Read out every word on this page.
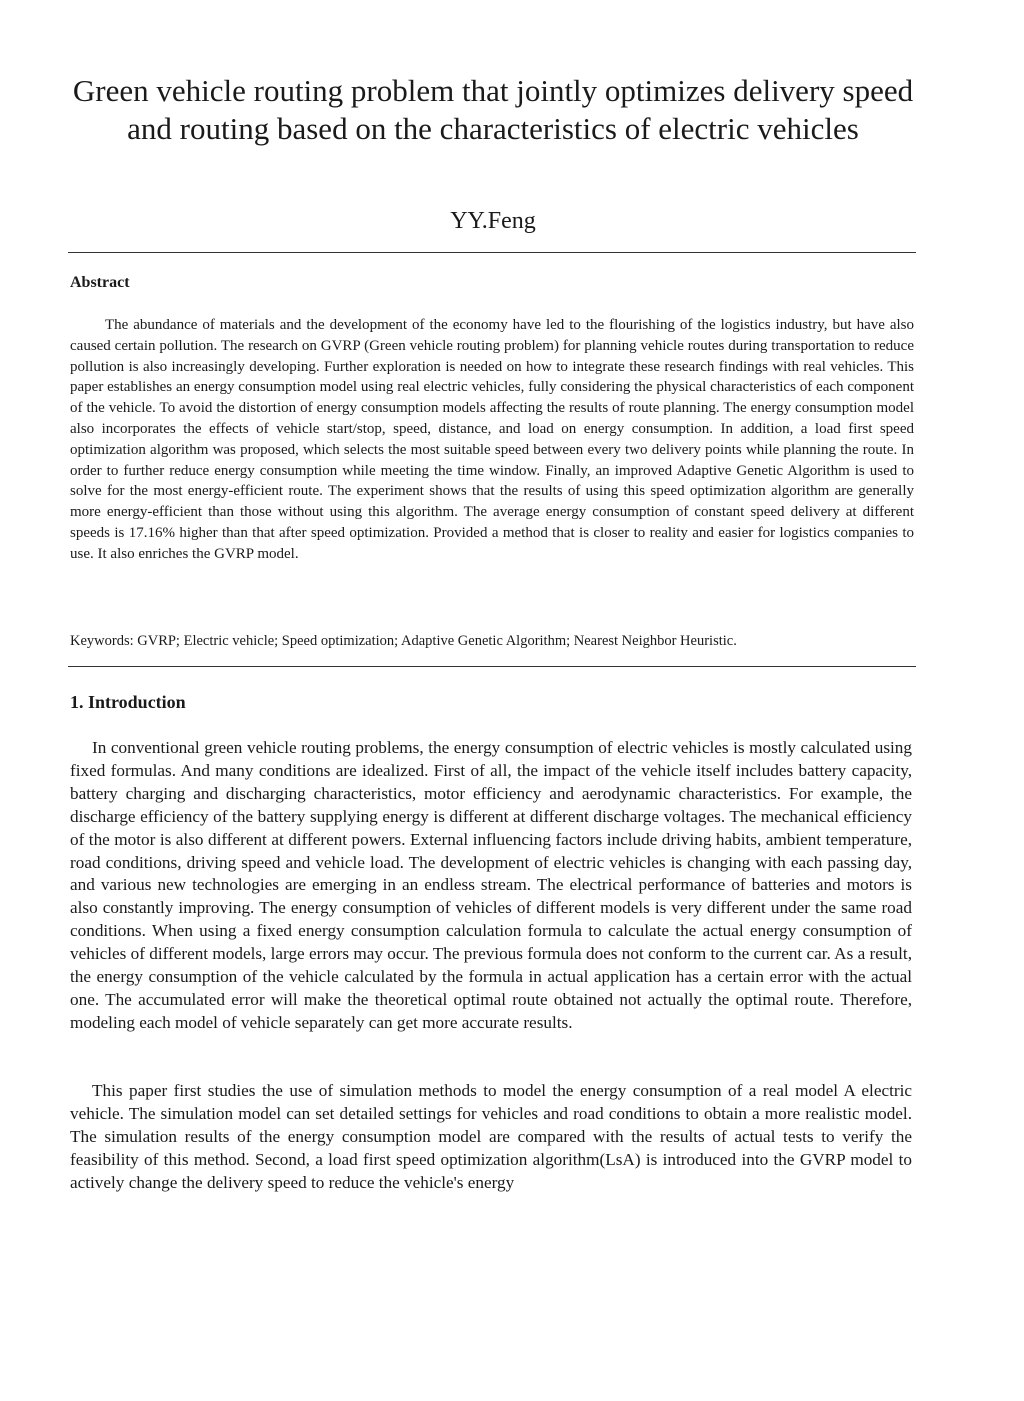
Green vehicle routing problem that jointly optimizes delivery speed and routing based on the characteristics of electric vehicles
YY.Feng
Abstract

The abundance of materials and the development of the economy have led to the flourishing of the logistics industry, but have also caused certain pollution. The research on GVRP (Green vehicle routing problem) for planning vehicle routes during transportation to reduce pollution is also increasingly developing. Further exploration is needed on how to integrate these research findings with real vehicles. This paper establishes an energy consumption model using real electric vehicles, fully considering the physical characteristics of each component of the vehicle. To avoid the distortion of energy consumption models affecting the results of route planning. The energy consumption model also incorporates the effects of vehicle start/stop, speed, distance, and load on energy consumption. In addition, a load first speed optimization algorithm was proposed, which selects the most suitable speed between every two delivery points while planning the route. In order to further reduce energy consumption while meeting the time window. Finally, an improved Adaptive Genetic Algorithm is used to solve for the most energy-efficient route. The experiment shows that the results of using this speed optimization algorithm are generally more energy-efficient than those without using this algorithm. The average energy consumption of constant speed delivery at different speeds is 17.16% higher than that after speed optimization. Provided a method that is closer to reality and easier for logistics companies to use. It also enriches the GVRP model.

Keywords: GVRP; Electric vehicle; Speed optimization; Adaptive Genetic Algorithm; Nearest Neighbor Heuristic.

1. Introduction

In conventional green vehicle routing problems, the energy consumption of electric vehicles is mostly calculated using fixed formulas. And many conditions are idealized. First of all, the impact of the vehicle itself includes battery capacity, battery charging and discharging characteristics, motor efficiency and aerodynamic characteristics. For example, the discharge efficiency of the battery supplying energy is different at different discharge voltages. The mechanical efficiency of the motor is also different at different powers. External influencing factors include driving habits, ambient temperature, road conditions, driving speed and vehicle load. The development of electric vehicles is changing with each passing day, and various new technologies are emerging in an endless stream. The electrical performance of batteries and motors is also constantly improving. The energy consumption of vehicles of different models is very different under the same road conditions. When using a fixed energy consumption calculation formula to calculate the actual energy consumption of vehicles of different models, large errors may occur. The previous formula does not conform to the current car. As a result, the energy consumption of the vehicle calculated by the formula in actual application has a certain error with the actual one. The accumulated error will make the theoretical optimal route obtained not actually the optimal route. Therefore, modeling each model of vehicle separately can get more accurate results.

This paper first studies the use of simulation methods to model the energy consumption of a real model A electric vehicle. The simulation model can set detailed settings for vehicles and road conditions to obtain a more realistic model. The simulation results of the energy consumption model are compared with the results of actual tests to verify the feasibility of this method. Second, a load first speed optimization algorithm(LsA) is introduced into the GVRP model to actively change the delivery speed to reduce the vehicle's energy
